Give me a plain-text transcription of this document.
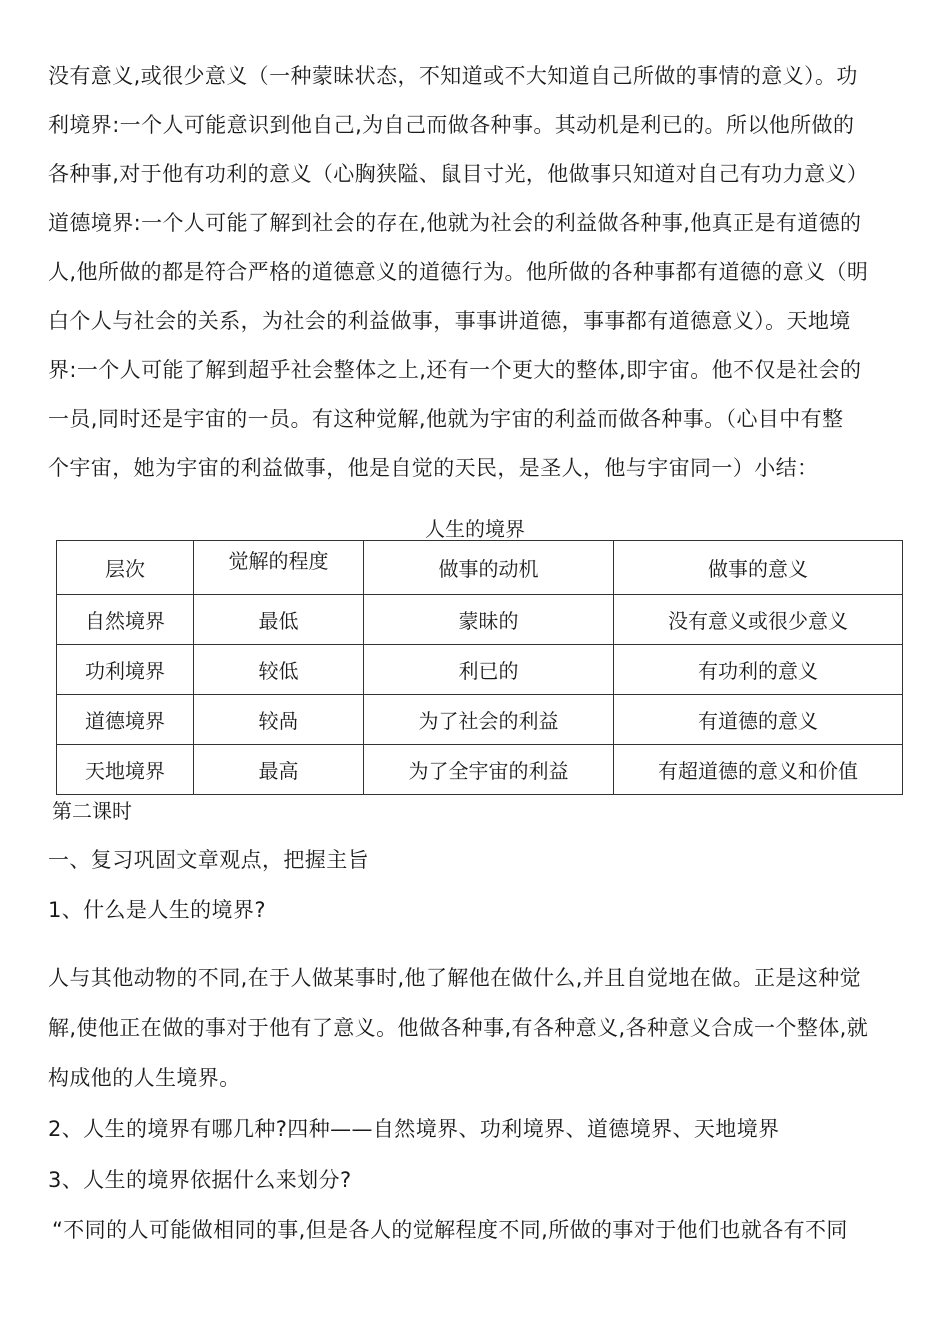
没有意义,或很少意义（一种蒙昧状态，不知道或不大知道自己所做的事情的意义）。功
利境界:一个人可能意识到他自己,为自己而做各种事。其动机是利已的。所以他所做的
各种事,对于他有功利的意义（心胸狭隘、鼠目寸光，他做事只知道对自己有功力意义）
道德境界:一个人可能了解到社会的存在,他就为社会的利益做各种事,他真正是有道德的
人,他所做的都是符合严格的道德意义的道德行为。他所做的各种事都有道德的意义（明
白个人与社会的关系，为社会的利益做事，事事讲道德，事事都有道德意义）。天地境
界:一个人可能了解到超乎社会整体之上,还有一个更大的整体,即宇宙。他不仅是社会的
一员,同时还是宇宙的一员。有这种觉解,他就为宇宙的利益而做各种事。（心目中有整
个宇宙，她为宇宙的利益做事，他是自觉的天民，是圣人，他与宇宙同一）小结：
人生的境界
层次	觉解的程度	做事的动机	做事的意义
自然境界	最低	蒙昧的	没有意义或很少意义
功利境界	较低	利已的	有功利的意义
道德境界	较咼	为了社会的利益	有道德的意义
天地境界	最高	为了全宇宙的利益	有超道德的意义和价值
第二课时
一、复习巩固文章观点，把握主旨
1、什么是人生的境界?
人与其他动物的不同,在于人做某事时,他了解他在做什么,并且自觉地在做。正是这种觉
解,使他正在做的事对于他有了意义。他做各种事,有各种意义,各种意义合成一个整体,就
构成他的人生境界。
2、人生的境界有哪几种?四种——自然境界、功利境界、道德境界、天地境界
3、人生的境界依据什么来划分?
“不同的人可能做相同的事,但是各人的觉解程度不同,所做的事对于他们也就各有不同
